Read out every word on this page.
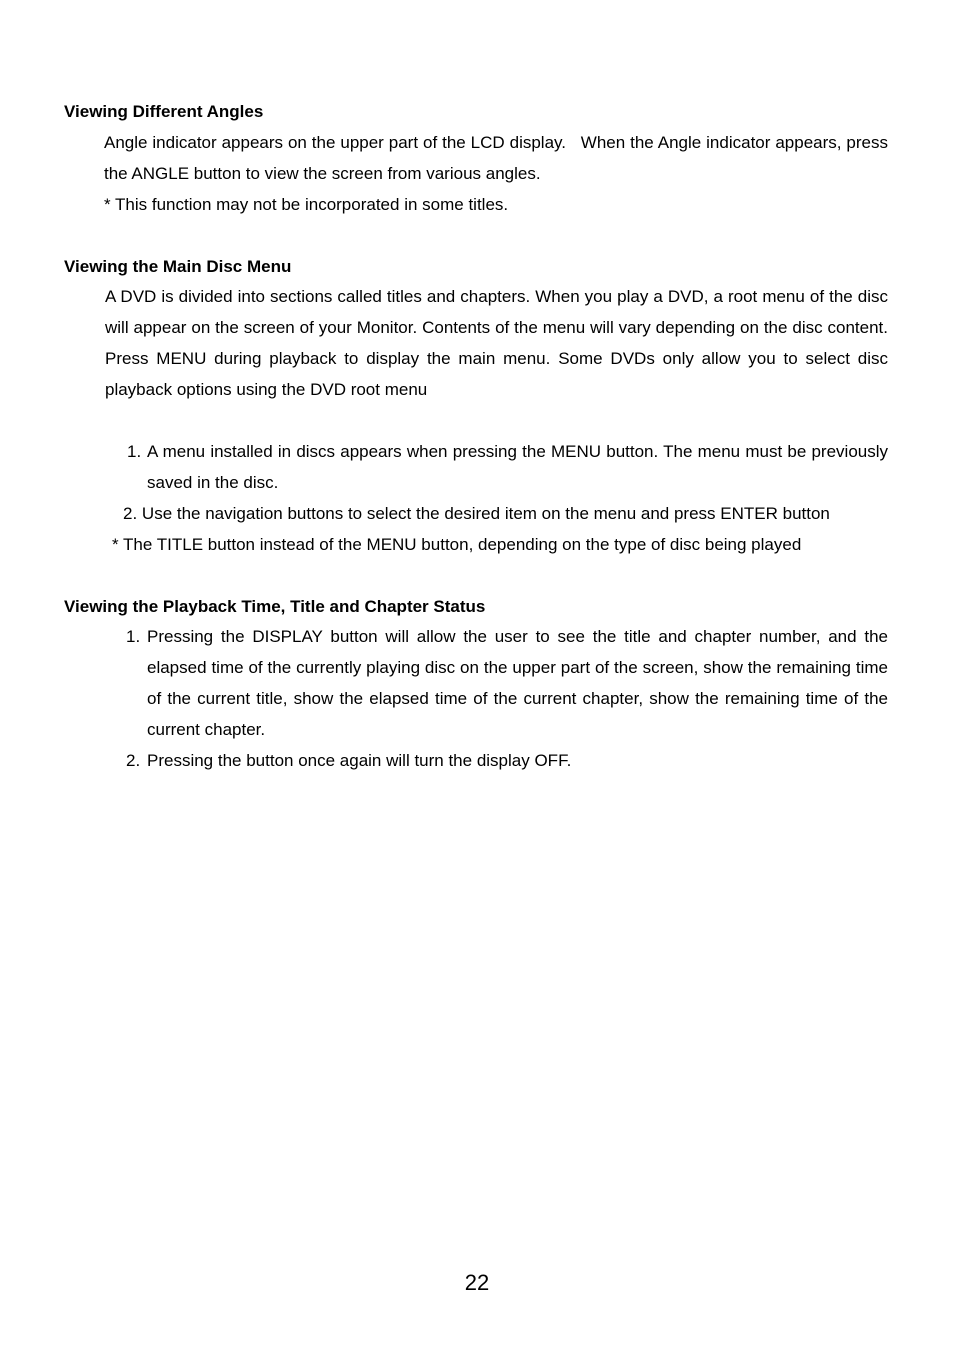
Viewing Different Angles

Angle indicator appears on the upper part of the LCD display.   When the Angle indicator appears, press the ANGLE button to view the screen from various angles.

* This function may not be incorporated in some titles.

Viewing the Main Disc Menu

A DVD is divided into sections called titles and chapters. When you play a DVD, a root menu of the disc will appear on the screen of your Monitor. Contents of the menu will vary depending on the disc content. Press MENU during playback to display the main menu. Some DVDs only allow you to select disc playback options using the DVD root menu

1. A menu installed in discs appears when pressing the MENU button. The menu must be previously saved in the disc.
2. Use the navigation buttons to select the desired item on the menu and press ENTER button

* The TITLE button instead of the MENU button, depending on the type of disc being played

Viewing the Playback Time, Title and Chapter Status
1. Pressing the DISPLAY button will allow the user to see the title and chapter number, and the elapsed time of the currently playing disc on the upper part of the screen, show the remaining time of the current title, show the elapsed time of the current chapter, show the remaining time of the current chapter.
2. Pressing the button once again will turn the display OFF.
22
